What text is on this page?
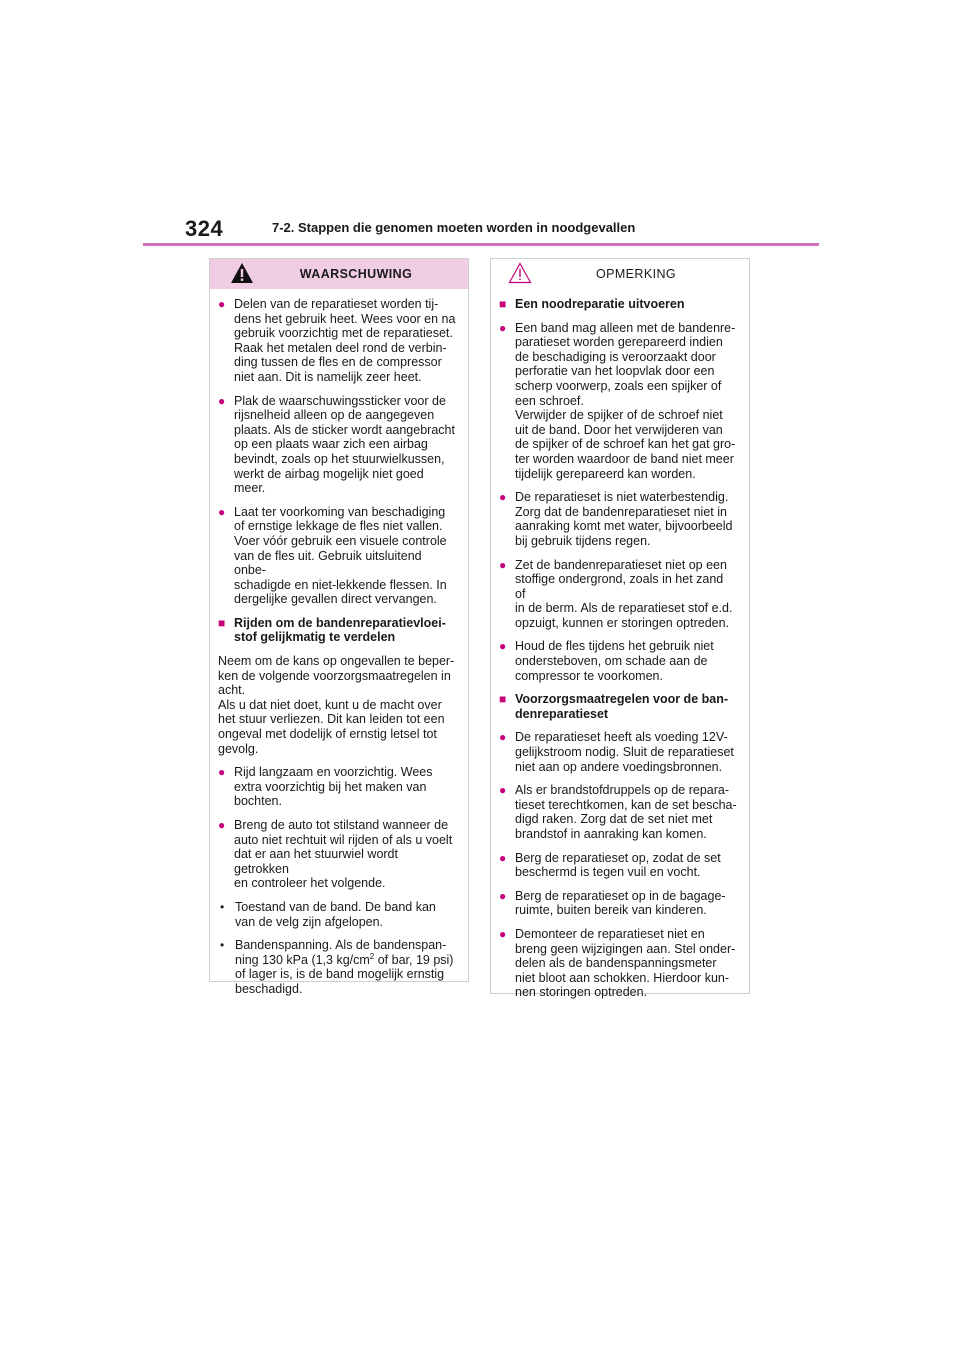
324	7-2. Stappen die genomen moeten worden in noodgevallen
WAARSCHUWING
● Delen van de reparatieset worden tij-
dens het gebruik heet. Wees voor en na
gebruik voorzichtig met de reparatieset.
Raak het metalen deel rond de verbin-
ding tussen de fles en de compressor
niet aan. Dit is namelijk zeer heet.
● Plak de waarschuwingssticker voor de
rijsnelheid alleen op de aangegeven
plaats. Als de sticker wordt aangebracht
op een plaats waar zich een airbag
bevindt, zoals op het stuurwielkussen,
werkt de airbag mogelijk niet goed
meer.
● Laat ter voorkoming van beschadiging
of ernstige lekkage de fles niet vallen.
Voer vóór gebruik een visuele controle
van de fles uit. Gebruik uitsluitend onbe-
schadigde en niet-lekkende flessen. In
dergelijke gevallen direct vervangen.
■ Rijden om de bandenreparatievloei-
stof gelijkmatig te verdelen
Neem om de kans op ongevallen te beper-
ken de volgende voorzorgsmaatregelen in
acht.
Als u dat niet doet, kunt u de macht over
het stuur verliezen. Dit kan leiden tot een
ongeval met dodelijk of ernstig letsel tot
gevolg.
● Rijd langzaam en voorzichtig. Wees
extra voorzichtig bij het maken van
bochten.
● Breng de auto tot stilstand wanneer de
auto niet rechtuit wil rijden of als u voelt
dat er aan het stuurwiel wordt getrokken
en controleer het volgende.
• Toestand van de band. De band kan
van de velg zijn afgelopen.
• Bandenspanning. Als de bandenspan-
ning 130 kPa (1,3 $kg/cm^2$ of bar, 19 psi)
of lager is, is de band mogelijk ernstig
beschadigd.
OPMERKING
■ Een noodreparatie uitvoeren
● Een band mag alleen met de bandenre-
paratieset worden gerepareerd indien
de beschadiging is veroorzaakt door
perforatie van het loopvlak door een
scherp voorwerp, zoals een spijker of
een schroef.
Verwijder de spijker of de schroef niet
uit de band. Door het verwijderen van
de spijker of de schroef kan het gat gro-
ter worden waardoor de band niet meer
tijdelijk gerepareerd kan worden.
● De reparatieset is niet waterbestendig.
Zorg dat de bandenreparatieset niet in
aanraking komt met water, bijvoorbeeld
bij gebruik tijdens regen.
● Zet de bandenreparatieset niet op een
stoffige ondergrond, zoals in het zand of
in de berm. Als de reparatieset stof e.d.
opzuigt, kunnen er storingen optreden.
● Houd de fles tijdens het gebruik niet
ondersteboven, om schade aan de
compressor te voorkomen.
■ Voorzorgsmaatregelen voor de ban-
denreparatieset
● De reparatieset heeft als voeding 12V-
gelijkstroom nodig. Sluit de reparatieset
niet aan op andere voedingsbronnen.
● Als er brandstofdruppels op de repara-
tieset terechtkomen, kan de set bescha-
digd raken. Zorg dat de set niet met
brandstof in aanraking kan komen.
● Berg de reparatieset op, zodat de set
beschermd is tegen vuil en vocht.
● Berg de reparatieset op in de bagage-
ruimte, buiten bereik van kinderen.
● Demonteer de reparatieset niet en
breng geen wijzigingen aan. Stel onder-
delen als de bandenspanningsmeter
niet bloot aan schokken. Hierdoor kun-
nen storingen optreden.
